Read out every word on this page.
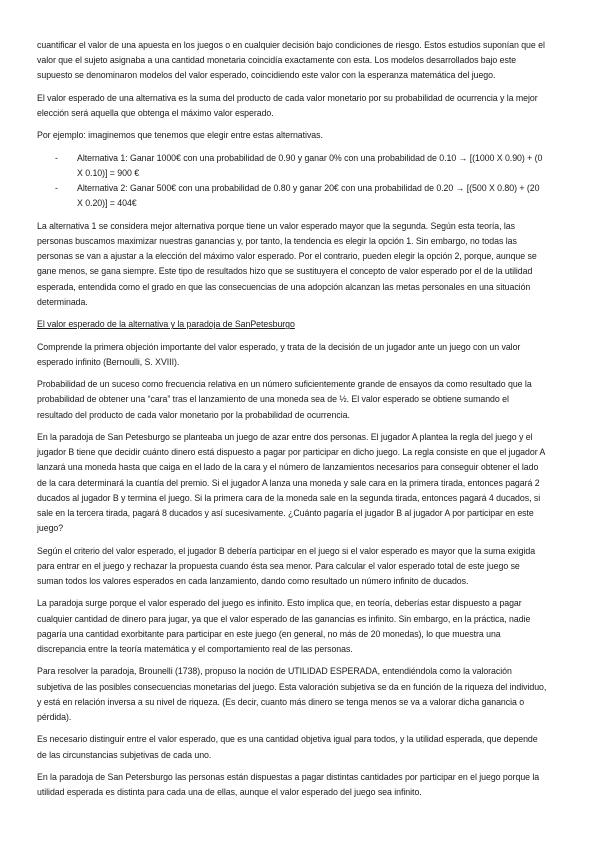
cuantificar el valor de una apuesta en los juegos o en cualquier decisión bajo condiciones de riesgo. Estos estudios suponían que el valor que el sujeto asignaba a una cantidad monetaria coincidía exactamente con esta. Los modelos desarrollados bajo este supuesto se denominaron modelos del valor esperado, coincidiendo este valor con la esperanza matemática del juego.

El valor esperado de una alternativa es la suma del producto de cada valor monetario por su probabilidad de ocurrencia y la mejor elección será aquella que obtenga el máximo valor esperado.

Por ejemplo: imaginemos que tenemos que elegir entre estas alternativas.

- Alternativa 1: Ganar 1000€ con una probabilidad de 0.90 y ganar 0% con una probabilidad de 0.10 → [(1000 X 0.90) + (0 X 0.10)] = 900 €
- Alternativa 2: Ganar 500€ con una probabilidad de 0.80 y ganar 20€ con una probabilidad de 0.20 → [(500 X 0.80) + (20 X 0.20)] = 404€

La alternativa 1 se considera mejor alternativa porque tiene un valor esperado mayor que la segunda. Según esta teoría, las personas buscamos maximizar nuestras ganancias y, por tanto, la tendencia es elegir la opción 1. Sin embargo, no todas las personas se van a ajustar a la elección del máximo valor esperado. Por el contrario, pueden elegir la opción 2, porque, aunque se gane menos, se gana siempre. Este tipo de resultados hizo que se sustituyera el concepto de valor esperado por el de la utilidad esperada, entendida como el grado en que las consecuencias de una adopción alcanzan las metas personales en una situación determinada.

El valor esperado de la alternativa y la paradoja de SanPetesburgo

Comprende la primera objeción importante del valor esperado, y trata de la decisión de un jugador ante un juego con un valor esperado infinito (Bernoulli, S. XVIII).

Probabilidad de un suceso como frecuencia relativa en un número suficientemente grande de ensayos da como resultado que la probabilidad de obtener una “cara” tras el lanzamiento de una moneda sea de ½. El valor esperado se obtiene sumando el resultado del producto de cada valor monetario por la probabilidad de ocurrencia.

En la paradoja de San Petesburgo se planteaba un juego de azar entre dos personas. El jugador A plantea la regla del juego y el jugador B tiene que decidir cuánto dinero está dispuesto a pagar por participar en dicho juego. La regla consiste en que el jugador A lanzará una moneda hasta que caiga en el lado de la cara y el número de lanzamientos necesarios para conseguir obtener el lado de la cara determinará la cuantía del premio. Si el jugador A lanza una moneda y sale cara en la primera tirada, entonces pagará 2 ducados al jugador B y termina el juego. Si la primera cara de la moneda sale en la segunda tirada, entonces pagará 4 ducados, si sale en la tercera tirada, pagará 8 ducados y así sucesivamente. ¿Cuánto pagaría el jugador B al jugador A por participar en este juego?

Según el criterio del valor esperado, el jugador B debería participar en el juego si el valor esperado es mayor que la suma exigida para entrar en el juego y rechazar la propuesta cuando ésta sea menor. Para calcular el valor esperado total de este juego se suman todos los valores esperados en cada lanzamiento, dando como resultado un número infinito de ducados.

La paradoja surge porque el valor esperado del juego es infinito. Esto implica que, en teoría, deberías estar dispuesto a pagar cualquier cantidad de dinero para jugar, ya que el valor esperado de las ganancias es infinito. Sin embargo, en la práctica, nadie pagaría una cantidad exorbitante para participar en este juego (en general, no más de 20 monedas), lo que muestra una discrepancia entre la teoría matemática y el comportamiento real de las personas.

Para resolver la paradoja, Brounelli (1738), propuso la noción de UTILIDAD ESPERADA, entendiéndola como la valoración subjetiva de las posibles consecuencias monetarias del juego. Esta valoración subjetiva se da en función de la riqueza del individuo, y está en relación inversa a su nivel de riqueza. (Es decir, cuanto más dinero se tenga menos se va a valorar dicha ganancia o pérdida).

Es necesario distinguir entre el valor esperado, que es una cantidad objetiva igual para todos, y la utilidad esperada, que depende de las circunstancias subjetivas de cada uno.

En la paradoja de San Petersburgo las personas están dispuestas a pagar distintas cantidades por participar en el juego porque la utilidad esperada es distinta para cada una de ellas, aunque el valor esperado del juego sea infinito.
